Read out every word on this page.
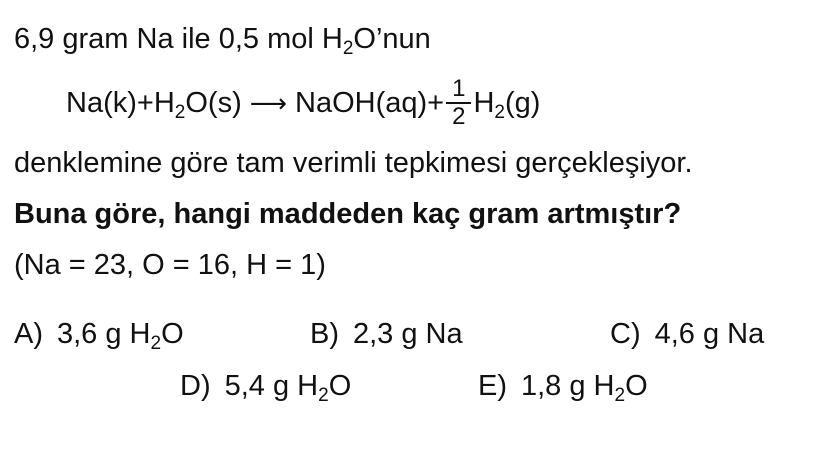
6,9 gram Na ile 0,5 mol $H_2O’nun$
$Na(k) + H_2O(s)$ ⟶ NaOH(aq) + $\frac{1}{2} H_2(g)$
denklemine göre tam verimli tepkimesi gerçekleşiyor.
Buna göre, hangi maddeden kaç gram artmıştır?
(Na = 23, O = 16, H = 1)
A) 3,6 g $H_2O$	B) 2,3 g Na	C) 4,6 g Na
D) 5,4 g $H_2O$	E) 1,8 g $H_2O$
